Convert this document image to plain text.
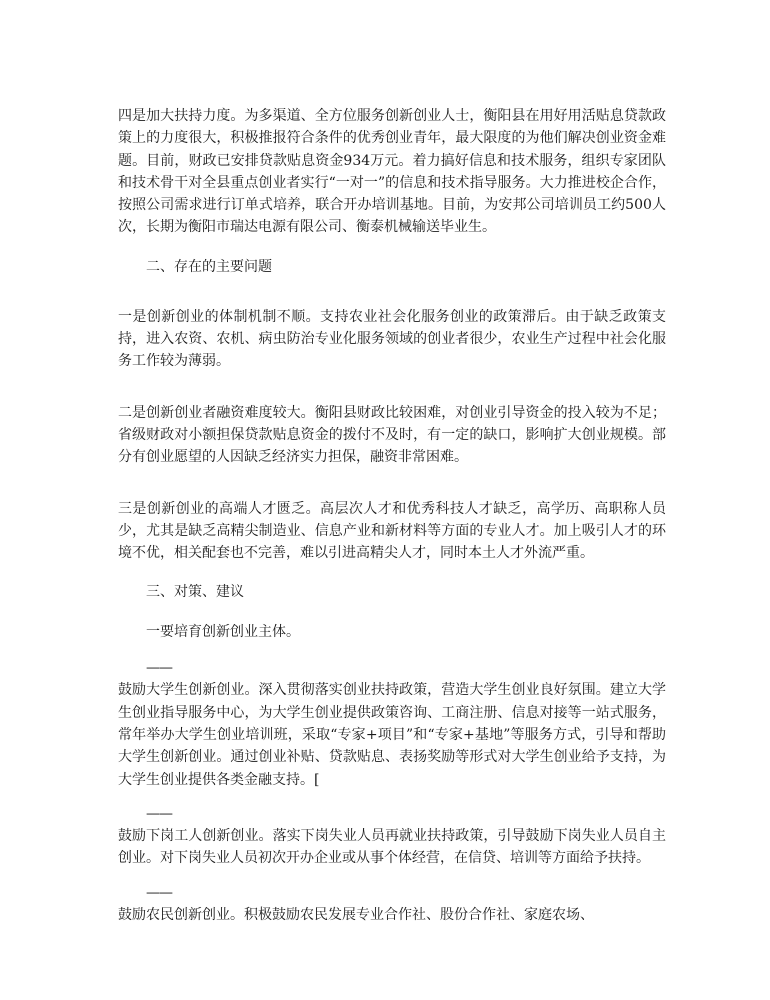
四是加大扶持力度。为多渠道、全方位服务创新创业人士，衡阳县在用好用活贴息贷款政策上的力度很大，积极推报符合条件的优秀创业青年，最大限度的为他们解决创业资金难题。目前，财政已安排贷款贴息资金934万元。着力搞好信息和技术服务，组织专家团队和技术骨干对全县重点创业者实行“一对一”的信息和技术指导服务。大力推进校企合作，按照公司需求进行订单式培养，联合开办培训基地。目前，为安邦公司培训员工约500人次，长期为衡阳市瑞达电源有限公司、衡泰机械输送毕业生。

二、存在的主要问题

一是创新创业的体制机制不顺。支持农业社会化服务创业的政策滞后。由于缺乏政策支持，进入农资、农机、病虫防治专业化服务领域的创业者很少，农业生产过程中社会化服务工作较为薄弱。

二是创新创业者融资难度较大。衡阳县财政比较困难，对创业引导资金的投入较为不足；省级财政对小额担保贷款贴息资金的拨付不及时，有一定的缺口，影响扩大创业规模。部分有创业愿望的人因缺乏经济实力担保，融资非常困难。

三是创新创业的高端人才匮乏。高层次人才和优秀科技人才缺乏，高学历、高职称人员少，尤其是缺乏高精尖制造业、信息产业和新材料等方面的专业人才。加上吸引人才的环境不优，相关配套也不完善，难以引进高精尖人才，同时本土人才外流严重。

三、对策、建议

一要培育创新创业主体。

——

鼓励大学生创新创业。深入贯彻落实创业扶持政策，营造大学生创业良好氛围。建立大学生创业指导服务中心，为大学生创业提供政策咨询、工商注册、信息对接等一站式服务，常年举办大学生创业培训班，采取“专家+项目”和“专家+基地”等服务方式，引导和帮助大学生创新创业。通过创业补贴、贷款贴息、表扬奖励等形式对大学生创业给予支持，为大学生创业提供各类金融支持。[

——

鼓励下岗工人创新创业。落实下岗失业人员再就业扶持政策，引导鼓励下岗失业人员自主创业。对下岗失业人员初次开办企业或从事个体经营，在信贷、培训等方面给予扶持。

——

鼓励农民创新创业。积极鼓励农民发展专业合作社、股份合作社、家庭农场、
